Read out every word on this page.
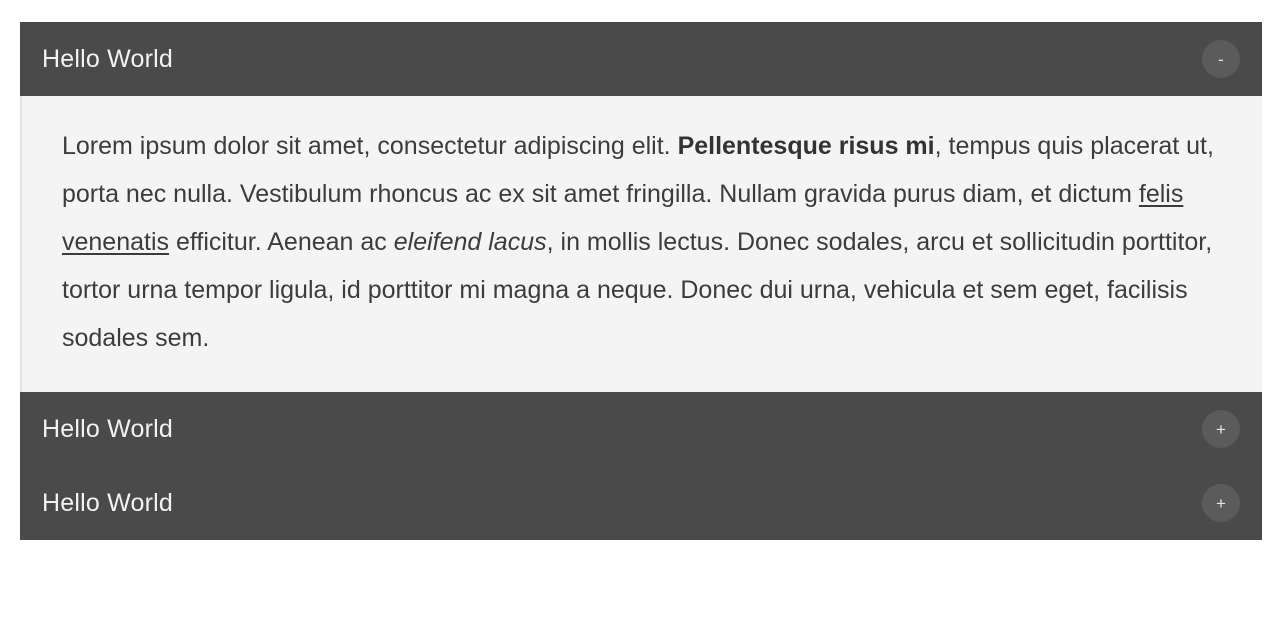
Hello World	-

Lorem ipsum dolor sit amet, consectetur adipiscing elit. Pellentesque risus mi, tempus quis placerat ut, porta nec nulla. Vestibulum rhoncus ac ex sit amet fringilla. Nullam gravida purus diam, et dictum felis venenatis efficitur. Aenean ac eleifend lacus, in mollis lectus. Donec sodales, arcu et sollicitudin porttitor, tortor urna tempor ligula, id porttitor mi magna a neque. Donec dui urna, vehicula et sem eget, facilisis sodales sem.

Hello World	+
Hello World	+
